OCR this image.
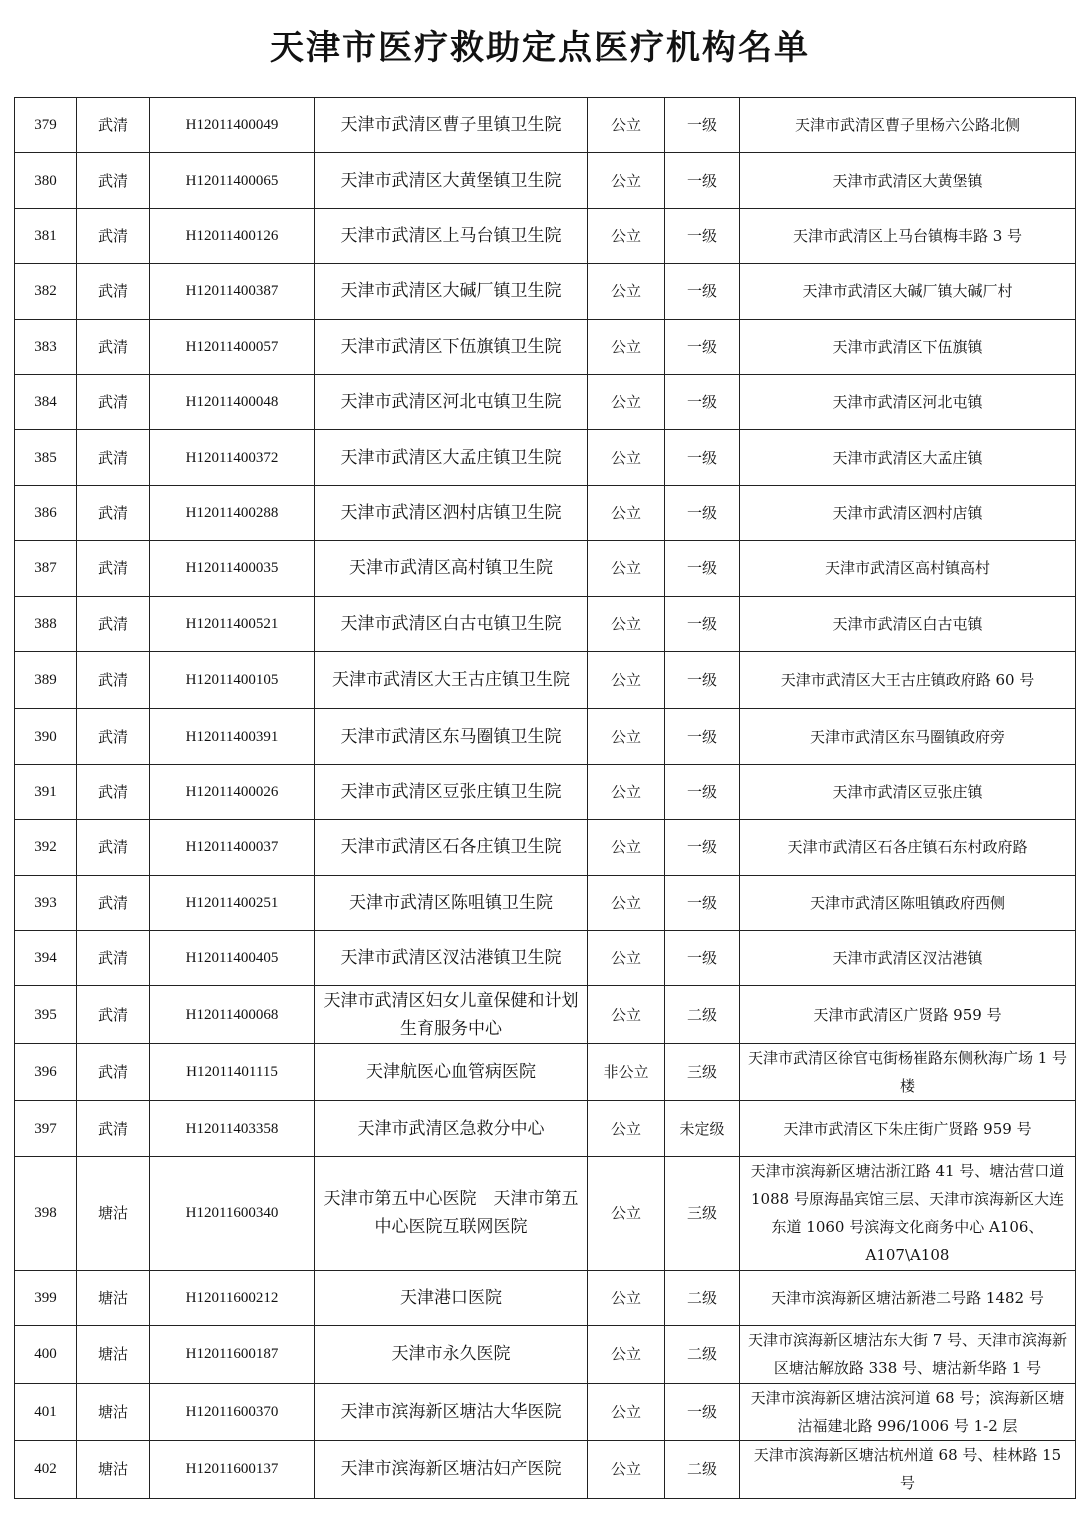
天津市医疗救助定点医疗机构名单
379	武清	H12011400049	天津市武清区曹子里镇卫生院	公立	一级	天津市武清区曹子里杨六公路北侧
380	武清	H12011400065	天津市武清区大黄堡镇卫生院	公立	一级	天津市武清区大黄堡镇
381	武清	H12011400126	天津市武清区上马台镇卫生院	公立	一级	天津市武清区上马台镇梅丰路 3 号
382	武清	H12011400387	天津市武清区大碱厂镇卫生院	公立	一级	天津市武清区大碱厂镇大碱厂村
383	武清	H12011400057	天津市武清区下伍旗镇卫生院	公立	一级	天津市武清区下伍旗镇
384	武清	H12011400048	天津市武清区河北屯镇卫生院	公立	一级	天津市武清区河北屯镇
385	武清	H12011400372	天津市武清区大孟庄镇卫生院	公立	一级	天津市武清区大孟庄镇
386	武清	H12011400288	天津市武清区泗村店镇卫生院	公立	一级	天津市武清区泗村店镇
387	武清	H12011400035	天津市武清区高村镇卫生院	公立	一级	天津市武清区高村镇高村
388	武清	H12011400521	天津市武清区白古屯镇卫生院	公立	一级	天津市武清区白古屯镇
389	武清	H12011400105	天津市武清区大王古庄镇卫生院	公立	一级	天津市武清区大王古庄镇政府路 60 号
390	武清	H12011400391	天津市武清区东马圈镇卫生院	公立	一级	天津市武清区东马圈镇政府旁
391	武清	H12011400026	天津市武清区豆张庄镇卫生院	公立	一级	天津市武清区豆张庄镇
392	武清	H12011400037	天津市武清区石各庄镇卫生院	公立	一级	天津市武清区石各庄镇石东村政府路
393	武清	H12011400251	天津市武清区陈咀镇卫生院	公立	一级	天津市武清区陈咀镇政府西侧
394	武清	H12011400405	天津市武清区汊沽港镇卫生院	公立	一级	天津市武清区汊沽港镇
395	武清	H12011400068	天津市武清区妇女儿童保健和计划生育服务中心	公立	二级	天津市武清区广贤路 959 号
396	武清	H12011401115	天津航医心血管病医院	非公立	三级	天津市武清区徐官屯街杨崔路东侧秋海广场 1 号楼
397	武清	H12011403358	天津市武清区急救分中心	公立	未定级	天津市武清区下朱庄街广贤路 959 号
398	塘沽	H12011600340	天津市第五中心医院　天津市第五中心医院互联网医院	公立	三级	天津市滨海新区塘沽浙江路 41 号、塘沽营口道 1088 号原海晶宾馆三层、天津市滨海新区大连东道 1060 号滨海文化商务中心 A106、A107\A108
399	塘沽	H12011600212	天津港口医院	公立	二级	天津市滨海新区塘沽新港二号路 1482 号
400	塘沽	H12011600187	天津市永久医院	公立	二级	天津市滨海新区塘沽东大街 7 号、天津市滨海新区塘沽解放路 338 号、塘沽新华路 1 号
401	塘沽	H12011600370	天津市滨海新区塘沽大华医院	公立	一级	天津市滨海新区塘沽滨河道 68 号；滨海新区塘沽福建北路 996/1006 号 1-2 层
402	塘沽	H12011600137	天津市滨海新区塘沽妇产医院	公立	二级	天津市滨海新区塘沽杭州道 68 号、桂林路 15 号
